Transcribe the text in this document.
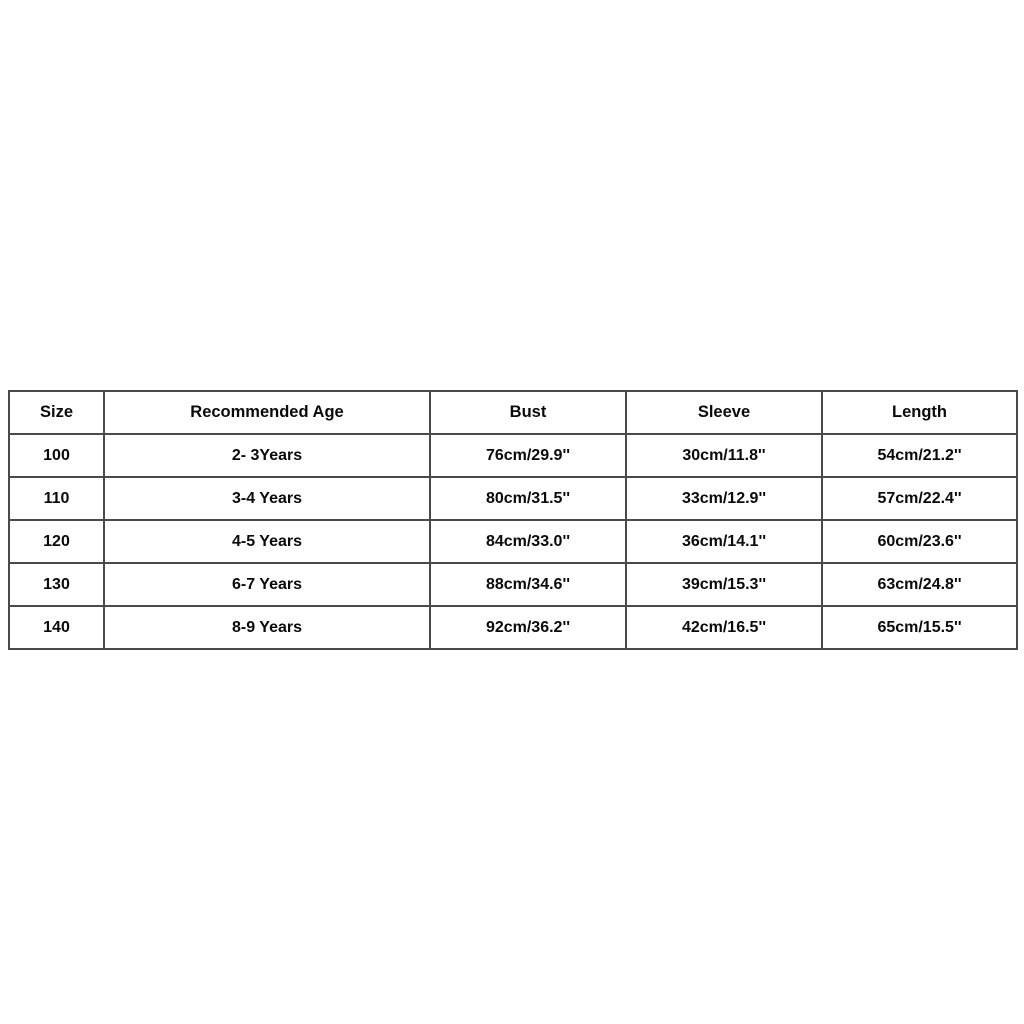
Size	Recommended Age	Bust	Sleeve	Length
100	2- 3Years	76cm/29.9''	30cm/11.8''	54cm/21.2''
110	3-4 Years	80cm/31.5''	33cm/12.9''	57cm/22.4''
120	4-5 Years	84cm/33.0''	36cm/14.1''	60cm/23.6''
130	6-7 Years	88cm/34.6''	39cm/15.3''	63cm/24.8''
140	8-9 Years	92cm/36.2''	42cm/16.5''	65cm/15.5''
